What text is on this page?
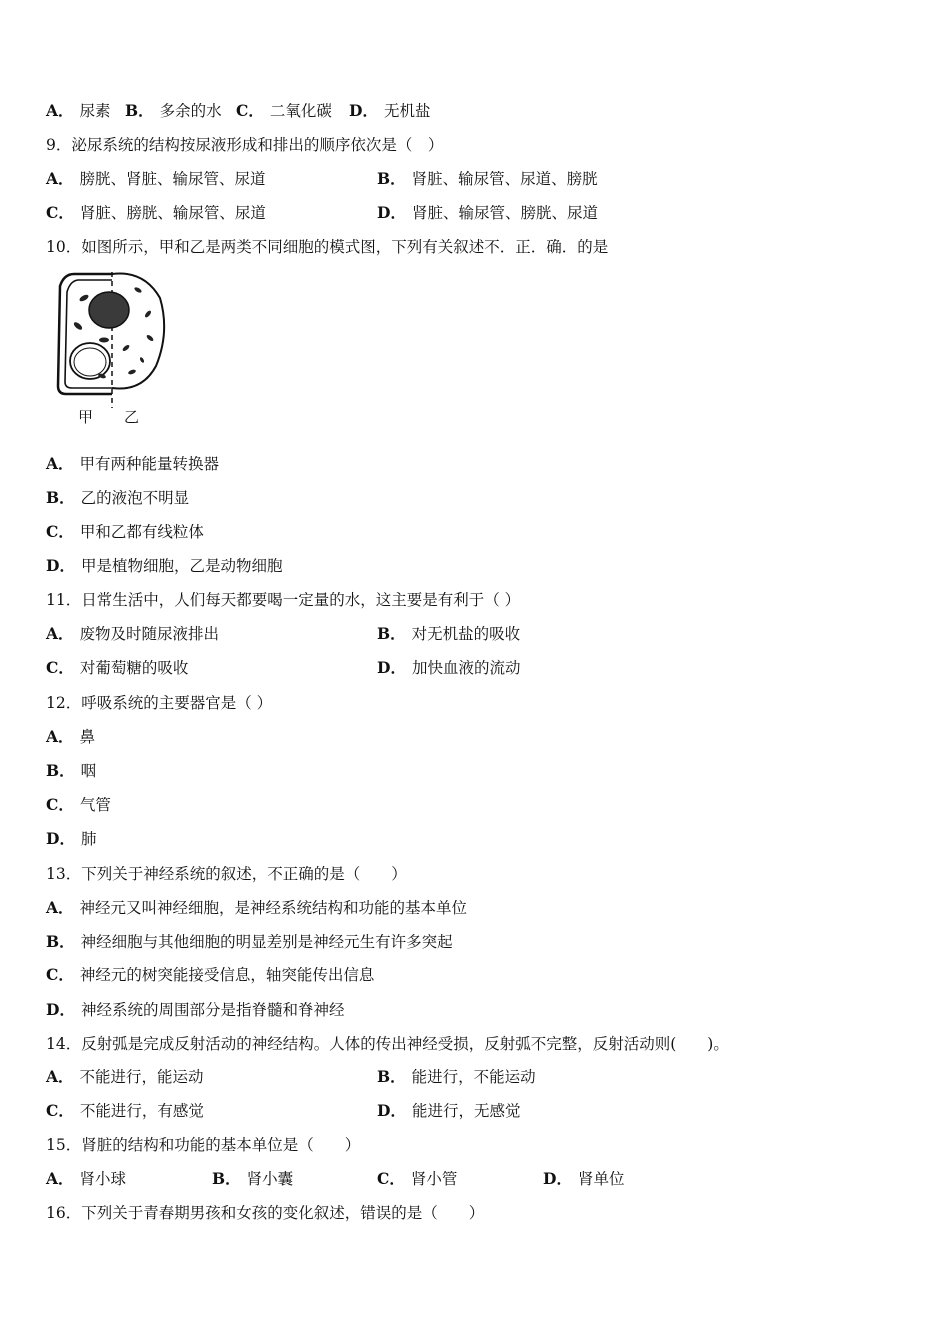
A． 尿素 B． 多余的水 C． 二氧化碳 D． 无机盐
9．泌尿系统的结构按尿液形成和排出的顺序依次是（　）
A． 膀胱、肾脏、输尿管、尿道	B． 肾脏、输尿管、尿道、膀胱
C． 肾脏、膀胱、输尿管、尿道	D． 肾脏、输尿管、膀胱、尿道
10．如图所示，甲和乙是两类不同细胞的模式图，下列有关叙述不．正．确．的是
甲 乙
A． 甲有两种能量转换器
B． 乙的液泡不明显
C． 甲和乙都有线粒体
D． 甲是植物细胞，乙是动物细胞
11．日常生活中，人们每天都要喝一定量的水，这主要是有利于（ ）
A． 废物及时随尿液排出	B． 对无机盐的吸收
C． 对葡萄糖的吸收	D． 加快血液的流动
12．呼吸系统的主要器官是（ ）
A． 鼻
B． 咽
C． 气管
D． 肺
13．下列关于神经系统的叙述，不正确的是（　　）
A． 神经元又叫神经细胞，是神经系统结构和功能的基本单位
B． 神经细胞与其他细胞的明显差别是神经元生有许多突起
C． 神经元的树突能接受信息，轴突能传出信息
D． 神经系统的周围部分是指脊髓和脊神经
14．反射弧是完成反射活动的神经结构。人体的传出神经受损，反射弧不完整，反射活动则(　　)。
A． 不能进行，能运动	B． 能进行，不能运动
C． 不能进行，有感觉	D． 能进行，无感觉
15．肾脏的结构和功能的基本单位是（　　）
A． 肾小球	B． 肾小囊	C． 肾小管	D． 肾单位
16．下列关于青春期男孩和女孩的变化叙述，错误的是（　　）
